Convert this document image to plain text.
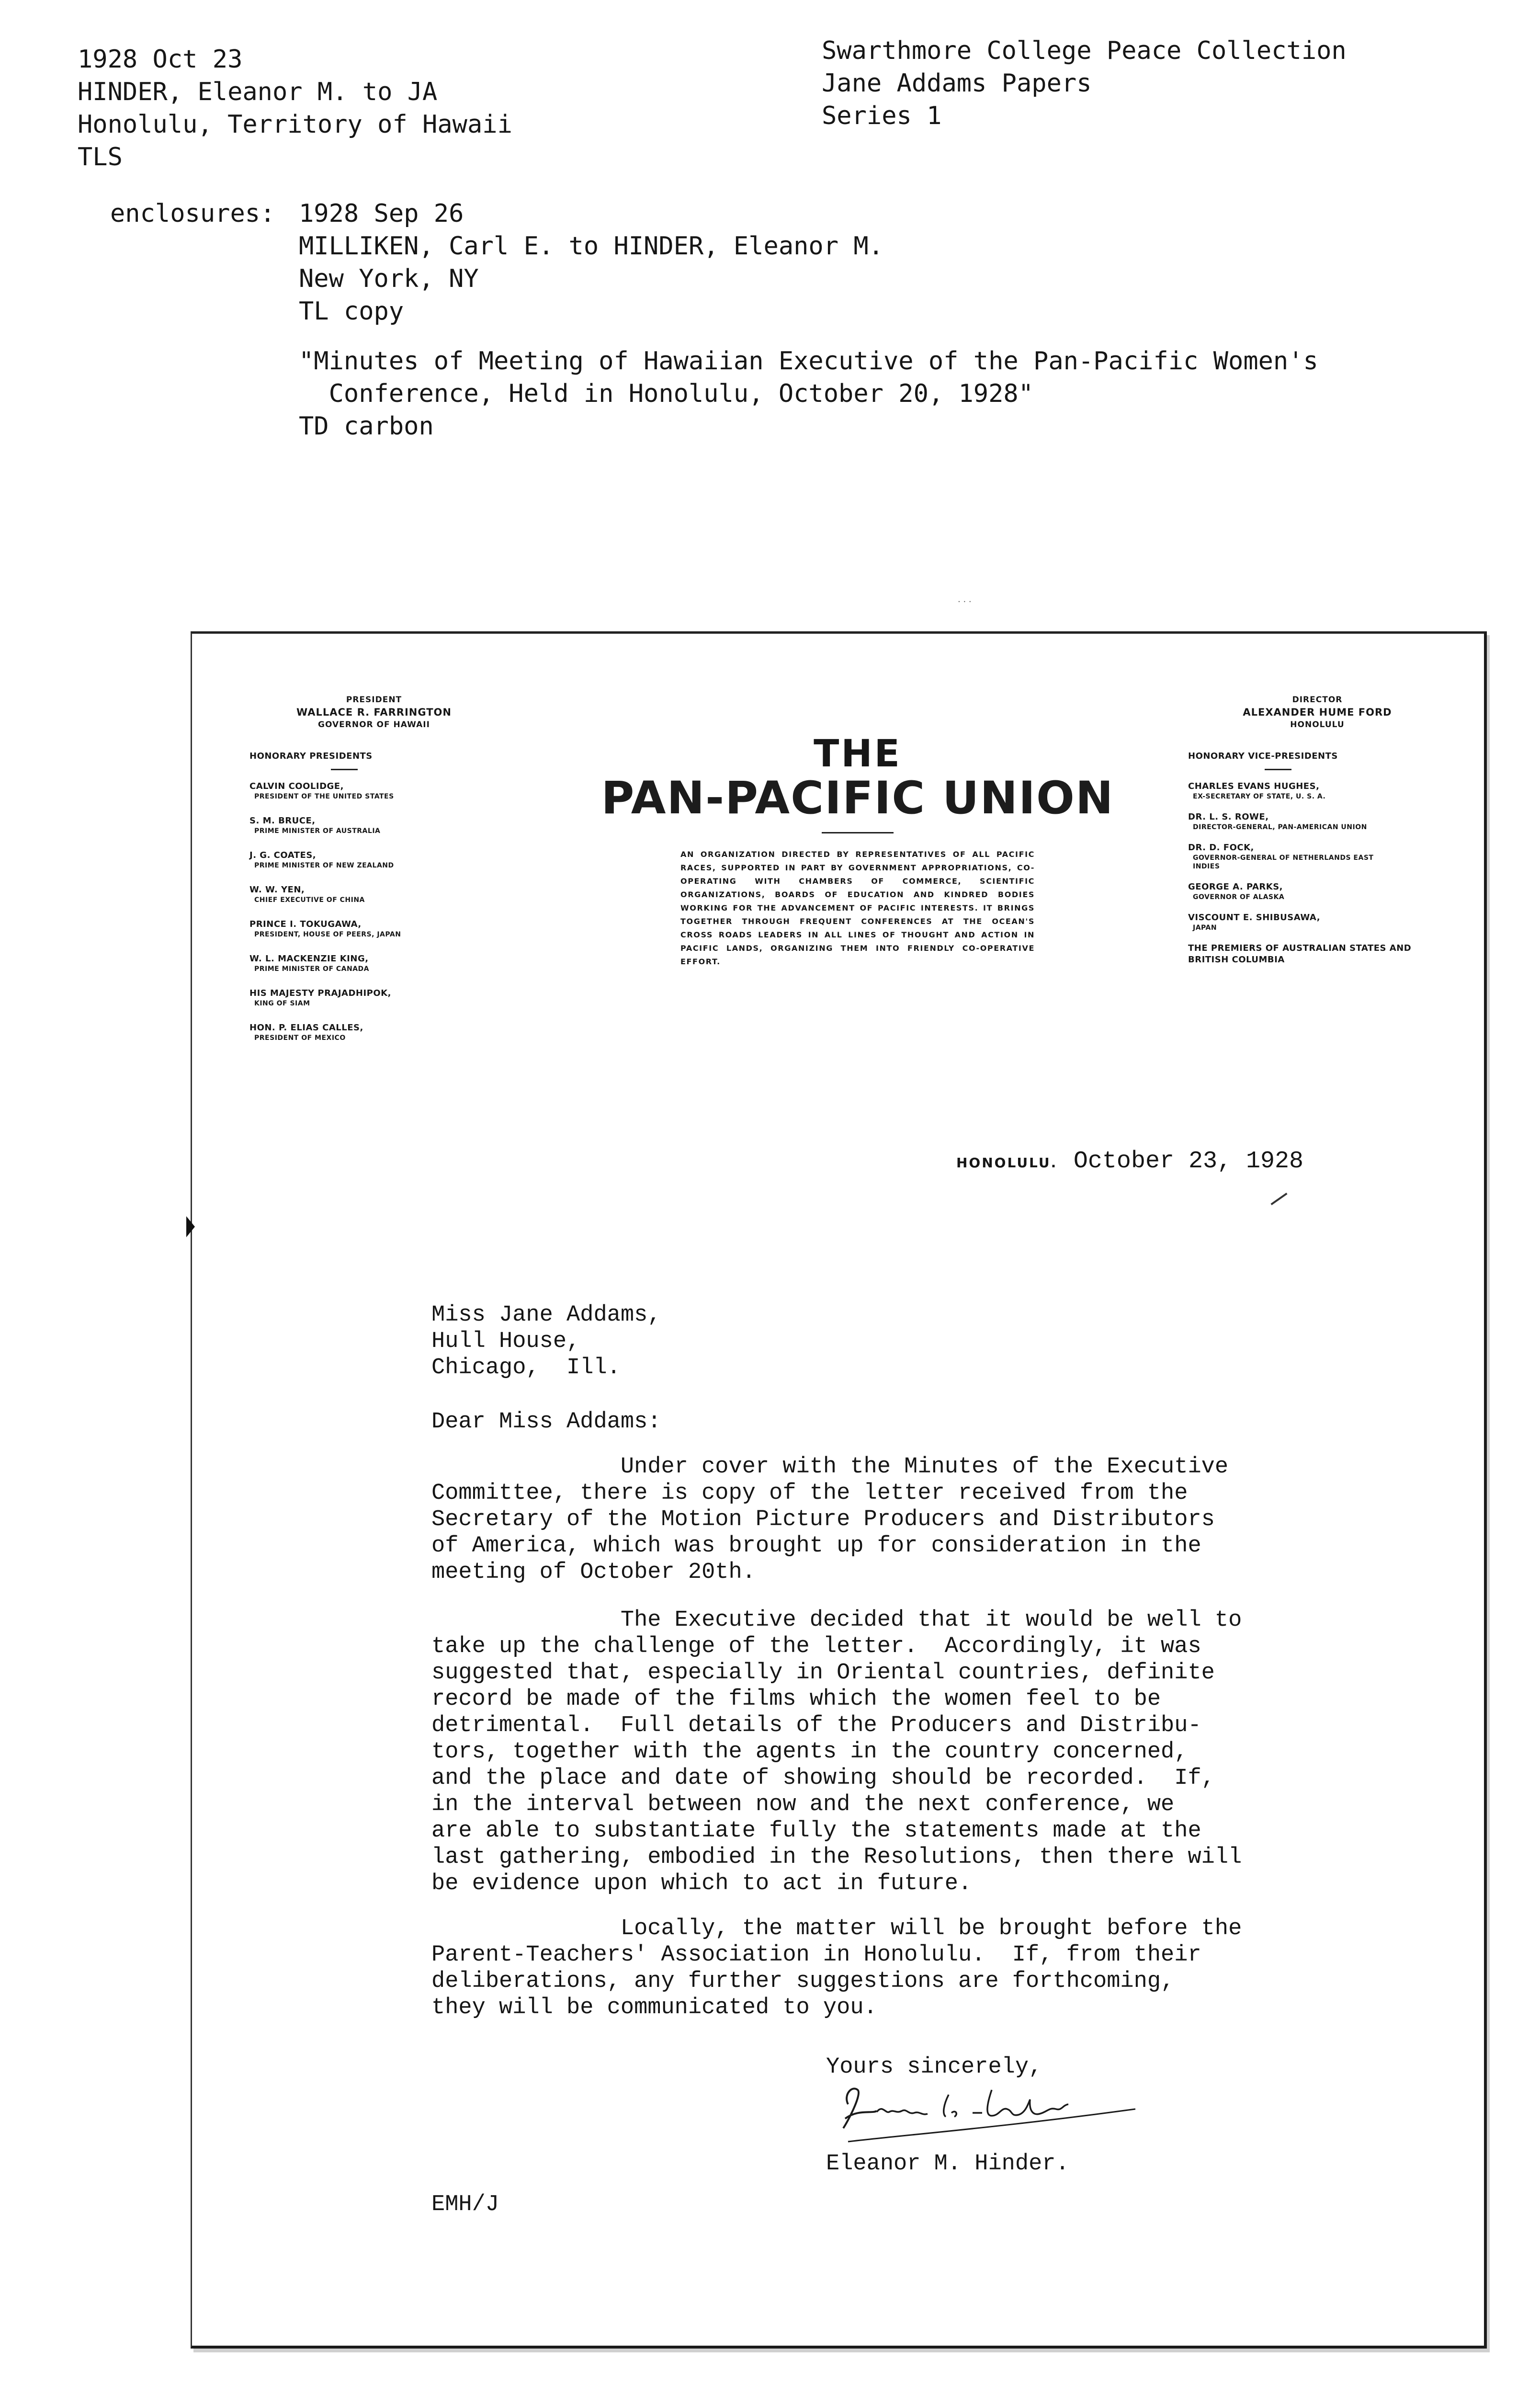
1928 Oct 23
HINDER, Eleanor M. to JA
Honolulu, Territory of Hawaii
TLS
Swarthmore College Peace Collection
Jane Addams Papers
Series 1
enclosures: 1928 Sep 26
MILLIKEN, Carl E. to HINDER, Eleanor M.
New York, NY
TL copy
"Minutes of Meeting of Hawaiian Executive of the Pan-Pacific Women's
Conference, Held in Honolulu, October 20, 1928"
TD carbon
· · ·
PRESIDENT
WALLACE R. FARRINGTON
GOVERNOR OF HAWAII
HONORARY PRESIDENTS
CALVIN COOLIDGE,
PRESIDENT OF THE UNITED STATES
S. M. BRUCE,
PRIME MINISTER OF AUSTRALIA
J. G. COATES,
PRIME MINISTER OF NEW ZEALAND
W. W. YEN,
CHIEF EXECUTIVE OF CHINA
PRINCE I. TOKUGAWA,
PRESIDENT, HOUSE OF PEERS, JAPAN
W. L. MACKENZIE KING,
PRIME MINISTER OF CANADA
HIS MAJESTY PRAJADHIPOK,
KING OF SIAM
HON. P. ELIAS CALLES,
PRESIDENT OF MEXICO
THE
PAN-PACIFIC UNION
AN ORGANIZATION DIRECTED BY REPRESENTATIVES OF ALL PACIFIC RACES, SUPPORTED IN PART BY GOVERNMENT APPROPRIATIONS, CO-OPERATING WITH CHAMBERS OF COMMERCE, SCIENTIFIC ORGANIZATIONS, BOARDS OF EDUCATION AND KINDRED BODIES WORKING FOR THE ADVANCEMENT OF PACIFIC INTERESTS. IT BRINGS TOGETHER THROUGH FREQUENT CONFERENCES AT THE OCEAN'S CROSS ROADS LEADERS IN ALL LINES OF THOUGHT AND ACTION IN PACIFIC LANDS, ORGANIZING THEM INTO FRIENDLY CO-OPERATIVE EFFORT.
DIRECTOR
ALEXANDER HUME FORD
HONOLULU
HONORARY VICE-PRESIDENTS
CHARLES EVANS HUGHES,
EX-SECRETARY OF STATE, U. S. A.
DR. L. S. ROWE,
DIRECTOR-GENERAL, PAN-AMERICAN UNION
DR. D. FOCK,
GOVERNOR-GENERAL OF NETHERLANDS EAST INDIES
GEORGE A. PARKS,
GOVERNOR OF ALASKA
VISCOUNT E. SHIBUSAWA,
JAPAN
THE PREMIERS OF AUSTRALIAN STATES AND BRITISH COLUMBIA
HONOLULU. October 23, 1928
Miss Jane Addams,
Hull House,
Chicago,  Ill.
Dear Miss Addams:
Under cover with the Minutes of the Executive
Committee, there is copy of the letter received from the
Secretary of the Motion Picture Producers and Distributors
of America, which was brought up for consideration in the
meeting of October 20th.
The Executive decided that it would be well to
take up the challenge of the letter.  Accordingly, it was
suggested that, especially in Oriental countries, definite
record be made of the films which the women feel to be
detrimental.  Full details of the Producers and Distribu-
tors, together with the agents in the country concerned,
and the place and date of showing should be recorded.  If,
in the interval between now and the next conference, we
are able to substantiate fully the statements made at the
last gathering, embodied in the Resolutions, then there will
be evidence upon which to act in future.
Locally, the matter will be brought before the
Parent-Teachers' Association in Honolulu.  If, from their
deliberations, any further suggestions are forthcoming,
they will be communicated to you.
Yours sincerely,
Eleanor M. Hinder.
EMH/J
